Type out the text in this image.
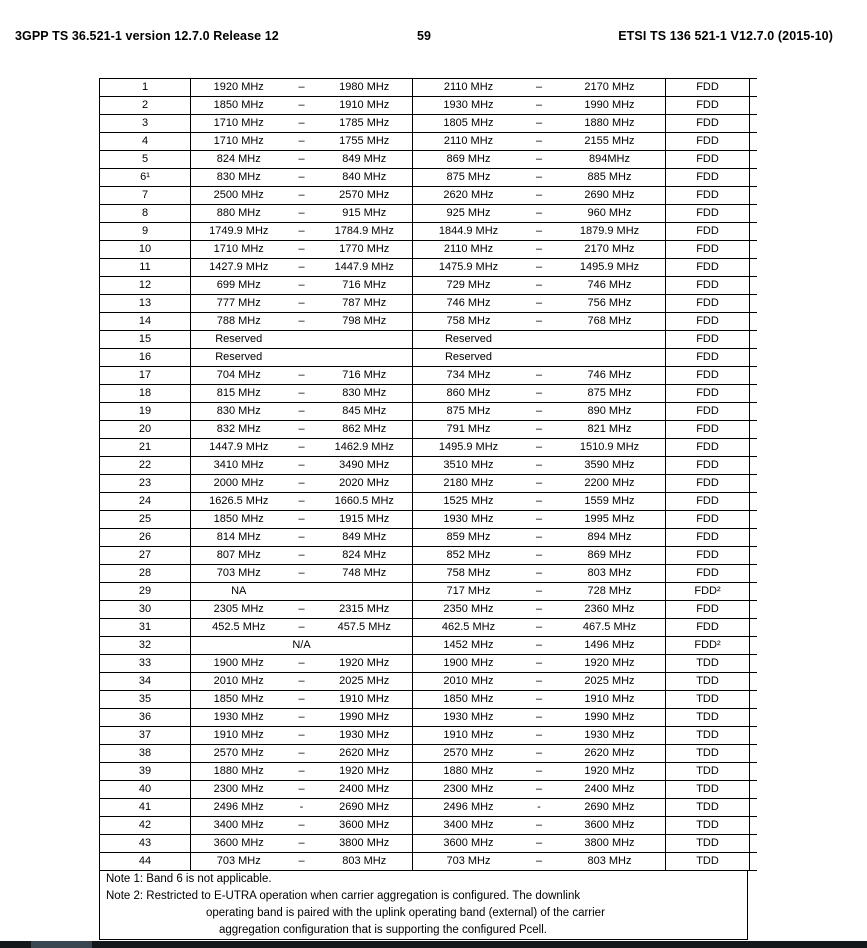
3GPP TS 36.521-1 version 12.7.0 Release 12	59	ETSI TS 136 521-1 V12.7.0 (2015-10)
1	1920 MHz	–	1980 MHz	2110 MHz	–	2170 MHz	FDD
2	1850 MHz	–	1910 MHz	1930 MHz	–	1990 MHz	FDD
3	1710 MHz	–	1785 MHz	1805 MHz	–	1880 MHz	FDD
4	1710 MHz	–	1755 MHz	2110 MHz	–	2155 MHz	FDD
5	824 MHz	–	849 MHz	869 MHz	–	894MHz	FDD
6¹	830 MHz	–	840 MHz	875 MHz	–	885 MHz	FDD
7	2500 MHz	–	2570 MHz	2620 MHz	–	2690 MHz	FDD
8	880 MHz	–	915 MHz	925 MHz	–	960 MHz	FDD
9	1749.9 MHz	–	1784.9 MHz	1844.9 MHz	–	1879.9 MHz	FDD
10	1710 MHz	–	1770 MHz	2110 MHz	–	2170 MHz	FDD
11	1427.9 MHz	–	1447.9 MHz	1475.9 MHz	–	1495.9 MHz	FDD
12	699 MHz	–	716 MHz	729 MHz	–	746 MHz	FDD
13	777 MHz	–	787 MHz	746 MHz	–	756 MHz	FDD
14	788 MHz	–	798 MHz	758 MHz	–	768 MHz	FDD
15	Reserved	Reserved	FDD
16	Reserved	Reserved	FDD
17	704 MHz	–	716 MHz	734 MHz	–	746 MHz	FDD
18	815 MHz	–	830 MHz	860 MHz	–	875 MHz	FDD
19	830 MHz	–	845 MHz	875 MHz	–	890 MHz	FDD
20	832 MHz	–	862 MHz	791 MHz	–	821 MHz	FDD
21	1447.9 MHz	–	1462.9 MHz	1495.9 MHz	–	1510.9 MHz	FDD
22	3410 MHz	–	3490 MHz	3510 MHz	–	3590 MHz	FDD
23	2000 MHz	–	2020 MHz	2180 MHz	–	2200 MHz	FDD
24	1626.5 MHz	–	1660.5 MHz	1525 MHz	–	1559 MHz	FDD
25	1850 MHz	–	1915 MHz	1930 MHz	–	1995 MHz	FDD
26	814 MHz	–	849 MHz	859 MHz	–	894 MHz	FDD
27	807 MHz	–	824 MHz	852 MHz	–	869 MHz	FDD
28	703 MHz	–	748 MHz	758 MHz	–	803 MHz	FDD
29	NA	717 MHz	–	728 MHz	FDD²
30	2305 MHz	–	2315 MHz	2350 MHz	–	2360 MHz	FDD
31	452.5 MHz	–	457.5 MHz	462.5 MHz	–	467.5 MHz	FDD
32	N/A	1452 MHz	–	1496 MHz	FDD²
33	1900 MHz	–	1920 MHz	1900 MHz	–	1920 MHz	TDD
34	2010 MHz	–	2025 MHz	2010 MHz	–	2025 MHz	TDD
35	1850 MHz	–	1910 MHz	1850 MHz	–	1910 MHz	TDD
36	1930 MHz	–	1990 MHz	1930 MHz	–	1990 MHz	TDD
37	1910 MHz	–	1930 MHz	1910 MHz	–	1930 MHz	TDD
38	2570 MHz	–	2620 MHz	2570 MHz	–	2620 MHz	TDD
39	1880 MHz	–	1920 MHz	1880 MHz	–	1920 MHz	TDD
40	2300 MHz	–	2400 MHz	2300 MHz	–	2400 MHz	TDD
41	2496 MHz	-	2690 MHz	2496 MHz	-	2690 MHz	TDD
42	3400 MHz	–	3600 MHz	3400 MHz	–	3600 MHz	TDD
43	3600 MHz	–	3800 MHz	3600 MHz	–	3800 MHz	TDD
44	703 MHz	–	803 MHz	703 MHz	–	803 MHz	TDD
Note 1: Band 6 is not applicable.
Note 2: Restricted to E-UTRA operation when carrier aggregation is configured. The downlink
operating band is paired with the uplink operating band (external) of the carrier
aggregation configuration that is supporting the configured Pcell.
